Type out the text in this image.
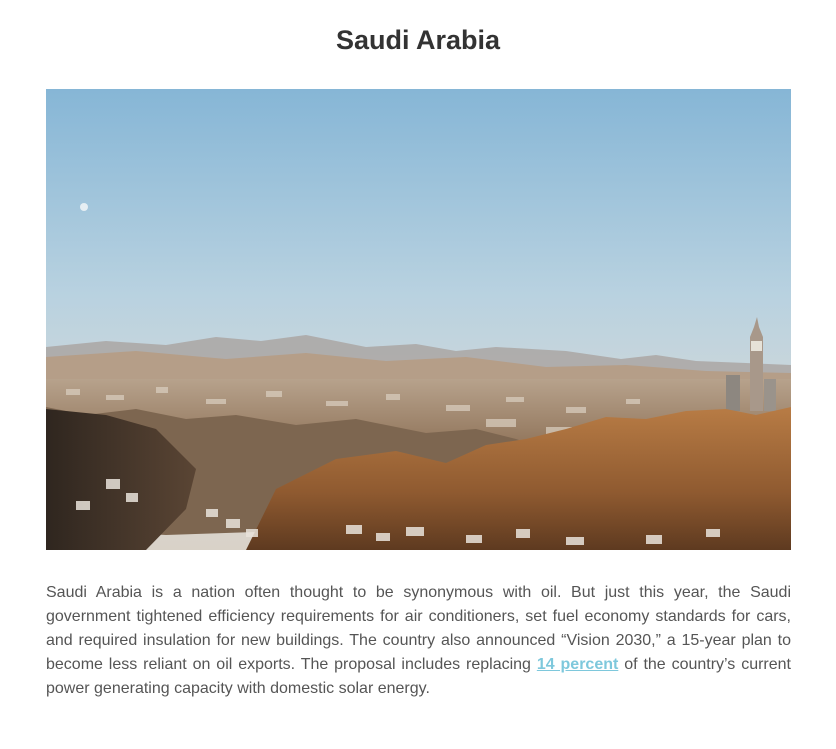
Saudi Arabia

Saudi Arabia is a nation often thought to be synonymous with oil. But just this year, the Saudi government tightened efficiency requirements for air conditioners, set fuel economy standards for cars, and required insulation for new buildings. The country also announced “Vision 2030,” a 15-year plan to become less reliant on oil exports. The proposal includes replacing 14 percent of the country’s current power generating capacity with domestic solar energy.
